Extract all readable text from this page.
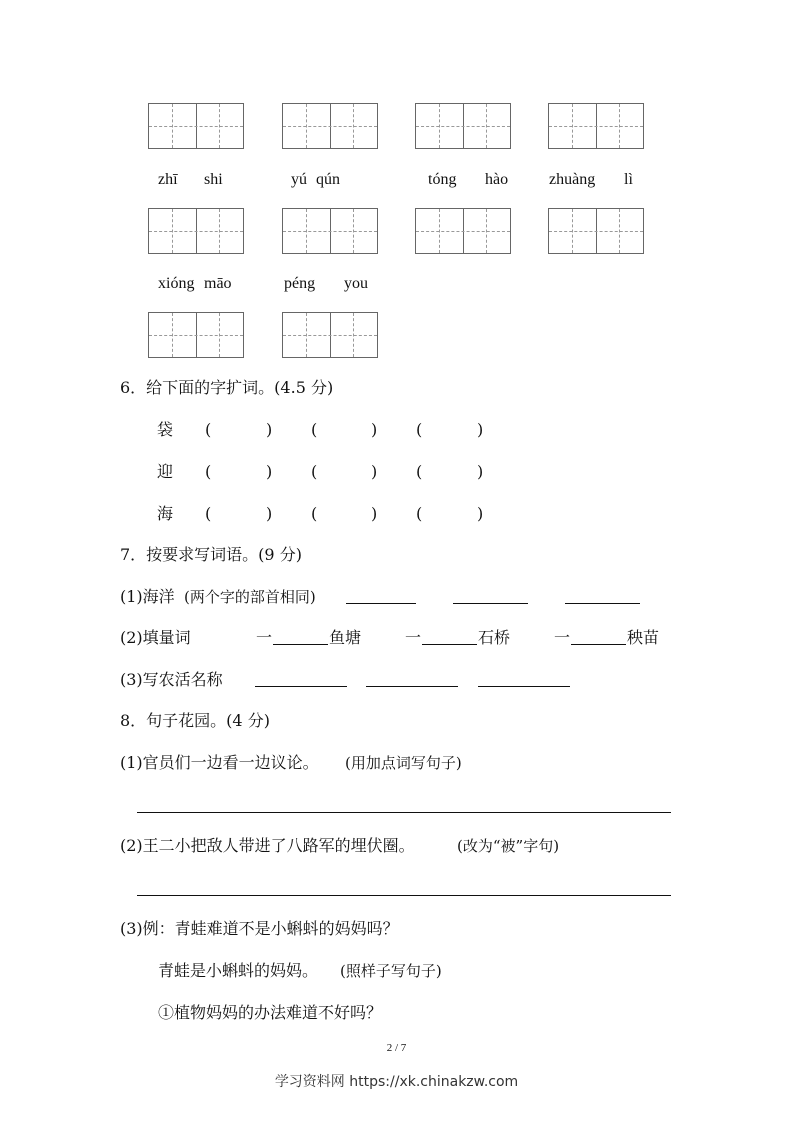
zhī shi	yú qún	tóng hào	zhuàng lì
xióng māo	péng you
6．给下面的字扩词。(4.5 分)
袋 (	) (	) (	)
迎 (	) (	) (	)
海 (	) (	) (	)
7．按要求写词语。(9 分)
(1)海洋 (两个字的部首相同)
(2)填量词	一	鱼塘	一	石桥	一	秧苗
(3)写农活名称
8．句子花园。(4 分)
(1)官员们一边看一边议论。 (用加点词写句子)
(2)王二小把敌人带进了八路军的埋伏圈。	(改为“被”字句)
(3)例：青蛙难道不是小蝌蚪的妈妈吗？
青蛙是小蝌蚪的妈妈。 (照样子写句子)
①植物妈妈的办法难道不好吗？
2 / 7
学习资料网 https://xk.chinakzw.com
